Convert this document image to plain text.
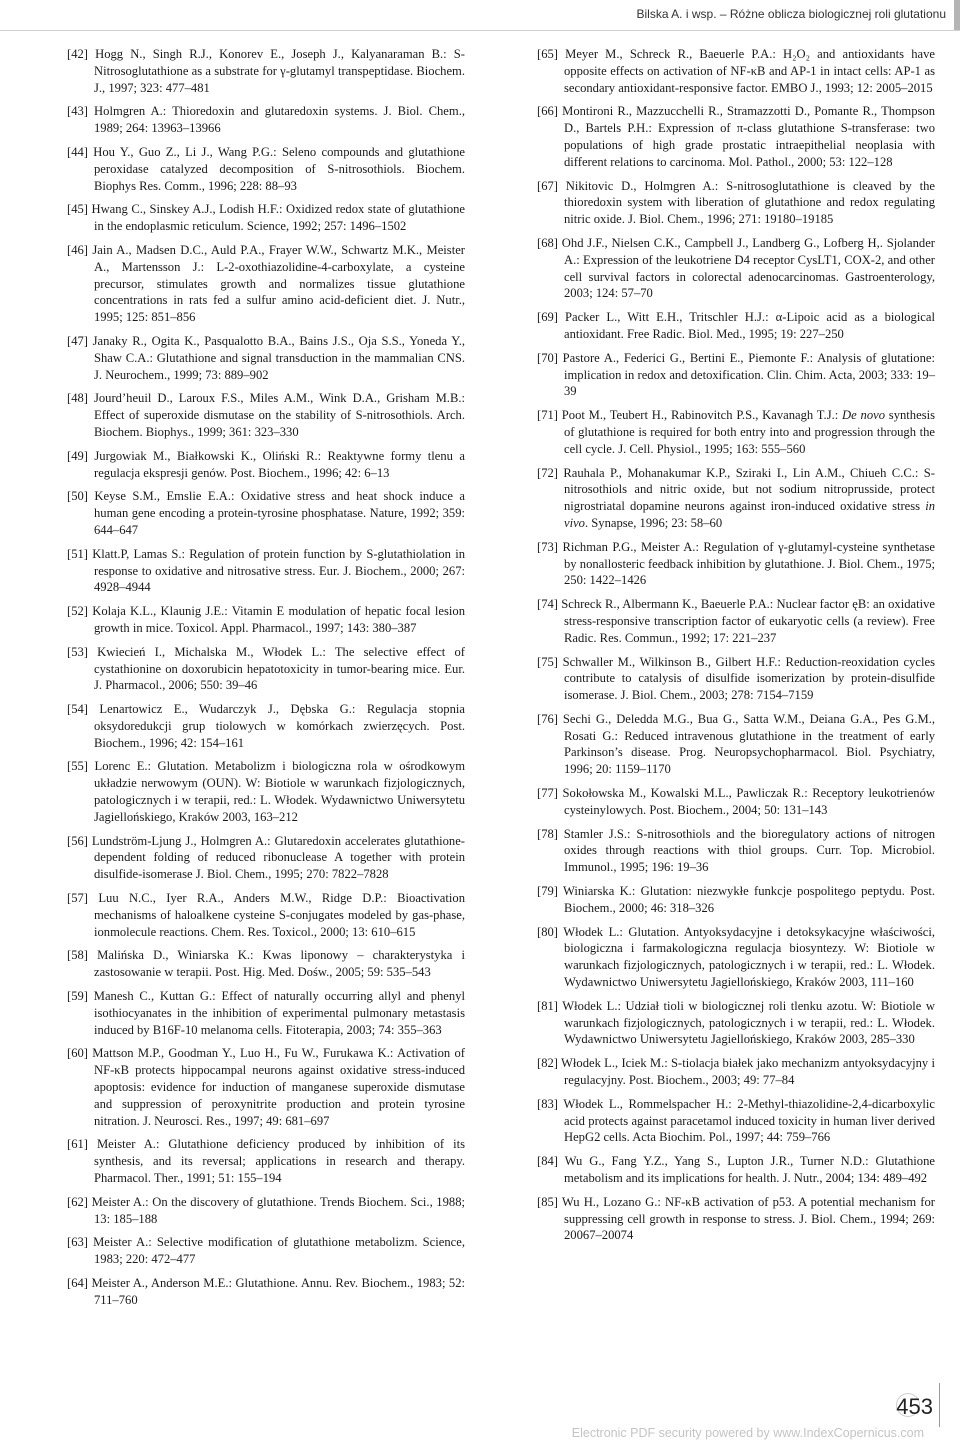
Bilska A. i wsp. – Różne oblicza biologicznej roli glutationu

[42] Hogg N., Singh R.J., Konorev E., Joseph J., Kalyanaraman B.: S-Nitrosoglutathione as a substrate for γ-glutamyl transpeptidase. Biochem. J., 1997; 323: 477–481

[43] Holmgren A.: Thioredoxin and glutaredoxin systems. J. Biol. Chem., 1989; 264: 13963–13966

[44] Hou Y., Guo Z., Li J., Wang P.G.: Seleno compounds and glutathione peroxidase catalyzed decomposition of S-nitrosothiols. Biochem. Biophys Res. Comm., 1996; 228: 88–93

[45] Hwang C., Sinskey A.J., Lodish H.F.: Oxidized redox state of glutathione in the endoplasmic reticulum. Science, 1992; 257: 1496–1502

[46] Jain A., Madsen D.C., Auld P.A., Frayer W.W., Schwartz M.K., Meister A., Martensson J.: L-2-oxothiazolidine-4-carboxylate, a cysteine precursor, stimulates growth and normalizes tissue glutathione concentrations in rats fed a sulfur amino acid-deficient diet. J. Nutr., 1995; 125: 851–856

[47] Janaky R., Ogita K., Pasqualotto B.A., Bains J.S., Oja S.S., Yoneda Y., Shaw C.A.: Glutathione and signal transduction in the mammalian CNS. J. Neurochem., 1999; 73: 889–902

[48] Jourd’heuil D., Laroux F.S., Miles A.M., Wink D.A., Grisham M.B.: Effect of superoxide dismutase on the stability of S-nitrosothiols. Arch. Biochem. Biophys., 1999; 361: 323–330

[49] Jurgowiak M., Białkowski K., Oliński R.: Reaktywne formy tlenu a regulacja ekspresji genów. Post. Biochem., 1996; 42: 6–13

[50] Keyse S.M., Emslie E.A.: Oxidative stress and heat shock induce a human gene encoding a protein-tyrosine phosphatase. Nature, 1992; 359: 644–647

[51] Klatt.P, Lamas S.: Regulation of protein function by S-glutathiolation in response to oxidative and nitrosative stress. Eur. J. Biochem., 2000; 267: 4928–4944

[52] Kolaja K.L., Klaunig J.E.: Vitamin E modulation of hepatic focal lesion growth in mice. Toxicol. Appl. Pharmacol., 1997; 143: 380–387

[53] Kwiecień I., Michalska M., Włodek L.: The selective effect of cystathionine on doxorubicin hepatotoxicity in tumor-bearing mice. Eur. J. Pharmacol., 2006; 550: 39–46

[54] Lenartowicz E., Wudarczyk J., Dębska G.: Regulacja stopnia oksydoredukcji grup tiolowych w komórkach zwierzęcych. Post. Biochem., 1996; 42: 154–161

[55] Lorenc E.: Glutation. Metabolizm i biologiczna rola w ośrodkowym układzie nerwowym (OUN). W: Biotiole w warunkach fizjologicznych, patologicznych i w terapii, red.: L. Włodek. Wydawnictwo Uniwersytetu Jagiellońskiego, Kraków 2003, 163–212

[56] Lundström-Ljung J., Holmgren A.: Glutaredoxin accelerates glutathione-dependent folding of reduced ribonuclease A together with protein disulfide-isomerase J. Biol. Chem., 1995; 270: 7822–7828

[57] Luu N.C., Iyer R.A., Anders M.W., Ridge D.P.: Bioactivation mechanisms of haloalkene cysteine S-conjugates modeled by gas-phase, ionmolecule reactions. Chem. Res. Toxicol., 2000; 13: 610–615

[58] Malińska D., Winiarska K.: Kwas liponowy – charakterystyka i zastosowanie w terapii. Post. Hig. Med. Dośw., 2005; 59: 535–543

[59] Manesh C., Kuttan G.: Effect of naturally occurring allyl and phenyl isothiocyanates in the inhibition of experimental pulmonary metastasis induced by B16F-10 melanoma cells. Fitoterapia, 2003; 74: 355–363

[60] Mattson M.P., Goodman Y., Luo H., Fu W., Furukawa K.: Activation of NF-κB protects hippocampal neurons against oxidative stress-induced apoptosis: evidence for induction of manganese superoxide dismutase and suppression of peroxynitrite production and protein tyrosine nitration. J. Neurosci. Res., 1997; 49: 681–697

[61] Meister A.: Glutathione deficiency produced by inhibition of its synthesis, and its reversal; applications in research and therapy. Pharmacol. Ther., 1991; 51: 155–194

[62] Meister A.: On the discovery of glutathione. Trends Biochem. Sci., 1988; 13: 185–188

[63] Meister A.: Selective modification of glutathione metabolizm. Science, 1983; 220: 472–477

[64] Meister A., Anderson M.E.: Glutathione. Annu. Rev. Biochem., 1983; 52: 711–760

[65] Meyer M., Schreck R., Baeuerle P.A.: H₂O₂ and antioxidants have opposite effects on activation of NF-κB and AP-1 in intact cells: AP-1 as secondary antioxidant-responsive factor. EMBO J., 1993; 12: 2005–2015

[66] Montironi R., Mazzucchelli R., Stramazzotti D., Pomante R., Thompson D., Bartels P.H.: Expression of π-class glutathione S-transferase: two populations of high grade prostatic intraepithelial neoplasia with different relations to carcinoma. Mol. Pathol., 2000; 53: 122–128

[67] Nikitovic D., Holmgren A.: S-nitrosoglutathione is cleaved by the thioredoxin system with liberation of glutathione and redox regulating nitric oxide. J. Biol. Chem., 1996; 271: 19180–19185

[68] Ohd J.F., Nielsen C.K., Campbell J., Landberg G., Lofberg H,. Sjolander A.: Expression of the leukotriene D4 receptor CysLT1, COX-2, and other cell survival factors in colorectal adenocarcinomas. Gastroenterology, 2003; 124: 57–70

[69] Packer L., Witt E.H., Tritschler H.J.: α-Lipoic acid as a biological antioxidant. Free Radic. Biol. Med., 1995; 19: 227–250

[70] Pastore A., Federici G., Bertini E., Piemonte F.: Analysis of glutatione: implication in redox and detoxification. Clin. Chim. Acta, 2003; 333: 19–39

[71] Poot M., Teubert H., Rabinovitch P.S., Kavanagh T.J.: De novo synthesis of glutathione is required for both entry into and progression through the cell cycle. J. Cell. Physiol., 1995; 163: 555–560

[72] Rauhala P., Mohanakumar K.P., Sziraki I., Lin A.M., Chiueh C.C.: S-nitrosothiols and nitric oxide, but not sodium nitroprusside, protect nigrostriatal dopamine neurons against iron-induced oxidative stress in vivo. Synapse, 1996; 23: 58–60

[73] Richman P.G., Meister A.: Regulation of γ-glutamyl-cysteine synthetase by nonallosteric feedback inhibition by glutathione. J. Biol. Chem., 1975; 250: 1422–1426

[74] Schreck R., Albermann K., Baeuerle P.A.: Nuclear factor ęB: an oxidative stress-responsive transcription factor of eukaryotic cells (a review). Free Radic. Res. Commun., 1992; 17: 221–237

[75] Schwaller M., Wilkinson B., Gilbert H.F.: Reduction-reoxidation cycles contribute to catalysis of disulfide isomerization by protein-disulfide isomerase. J. Biol. Chem., 2003; 278: 7154–7159

[76] Sechi G., Deledda M.G., Bua G., Satta W.M., Deiana G.A., Pes G.M., Rosati G.: Reduced intravenous glutathione in the treatment of early Parkinson’s disease. Prog. Neuropsychopharmacol. Biol. Psychiatry, 1996; 20: 1159–1170

[77] Sokołowska M., Kowalski M.L., Pawliczak R.: Receptory leukotrienów cysteinylowych. Post. Biochem., 2004; 50: 131–143

[78] Stamler J.S.: S-nitrosothiols and the bioregulatory actions of nitrogen oxides through reactions with thiol groups. Curr. Top. Microbiol. Immunol., 1995; 196: 19–36

[79] Winiarska K.: Glutation: niezwykłe funkcje pospolitego peptydu. Post. Biochem., 2000; 46: 318–326

[80] Włodek L.: Glutation. Antyoksydacyjne i detoksykacyjne właściwości, biologiczna i farmakologiczna regulacja biosyntezy. W: Biotiole w warunkach fizjologicznych, patologicznych i w terapii, red.: L. Włodek. Wydawnictwo Uniwersytetu Jagiellońskiego, Kraków 2003, 111–160

[81] Włodek L.: Udział tioli w biologicznej roli tlenku azotu. W: Biotiole w warunkach fizjologicznych, patologicznych i w terapii, red.: L. Włodek. Wydawnictwo Uniwersytetu Jagiellońskiego, Kraków 2003, 285–330

[82] Włodek L., Iciek M.: S-tiolacja białek jako mechanizm antyoksydacyjny i regulacyjny. Post. Biochem., 2003; 49: 77–84

[83] Włodek L., Rommelspacher H.: 2-Methyl-thiazolidine-2,4-dicarboxylic acid protects against paracetamol induced toxicity in human liver derived HepG2 cells. Acta Biochim. Pol., 1997; 44: 759–766

[84] Wu G., Fang Y.Z., Yang S., Lupton J.R., Turner N.D.: Glutathione metabolism and its implications for health. J. Nutr., 2004; 134: 489–492

[85] Wu H., Lozano G.: NF-κB activation of p53. A potential mechanism for suppressing cell growth in response to stress. J. Biol. Chem., 1994; 269: 20067–20074

453
Electronic PDF security powered by www.IndexCopernicus.com
